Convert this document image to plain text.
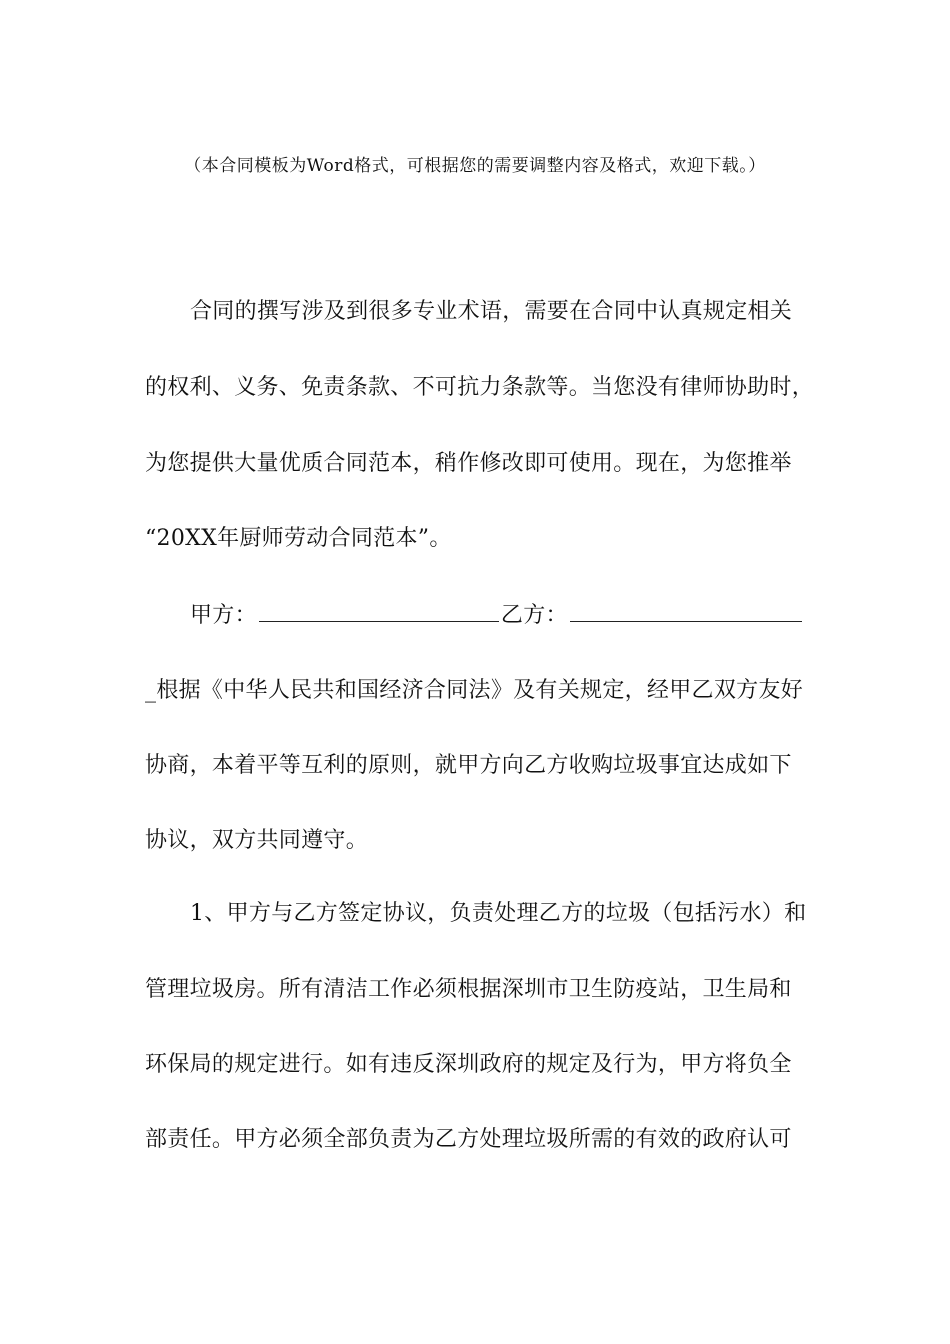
（本合同模板为Word格式，可根据您的需要调整内容及格式，欢迎下载。）
合同的撰写涉及到很多专业术语，需要在合同中认真规定相关
的权利、义务、免责条款、不可抗力条款等。当您没有律师协助时，
为您提供大量优质合同范本，稍作修改即可使用。现在，为您推举
“20XX年厨师劳动合同范本”。
甲方：	乙方：
_根据《中华人民共和国经济合同法》及有关规定，经甲乙双方友好
协商，本着平等互利的原则，就甲方向乙方收购垃圾事宜达成如下
协议，双方共同遵守。
1、甲方与乙方签定协议，负责处理乙方的垃圾（包括污水）和
管理垃圾房。所有清洁工作必须根据深圳市卫生防疫站，卫生局和
环保局的规定进行。如有违反深圳政府的规定及行为，甲方将负全
部责任。甲方必须全部负责为乙方处理垃圾所需的有效的政府认可
